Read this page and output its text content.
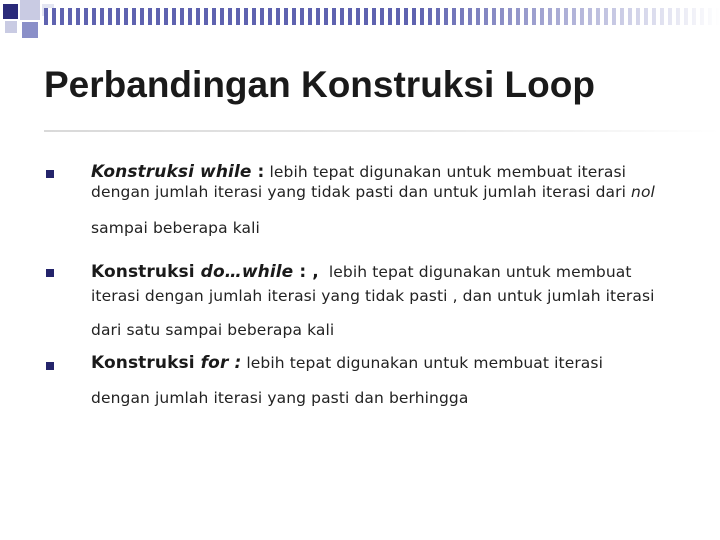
Perbandingan Konstruksi Loop

Konstruksi while : lebih tepat digunakan untuk membuat iterasi

dengan jumlah iterasi yang tidak pasti dan untuk jumlah iterasi dari nol

sampai beberapa kali

Konstruksi do…while : ,  lebih tepat digunakan untuk membuat

iterasi dengan jumlah iterasi yang tidak pasti , dan untuk jumlah iterasi

dari satu sampai beberapa kali

Konstruksi for : lebih tepat digunakan untuk membuat iterasi

dengan jumlah iterasi yang pasti dan berhingga
